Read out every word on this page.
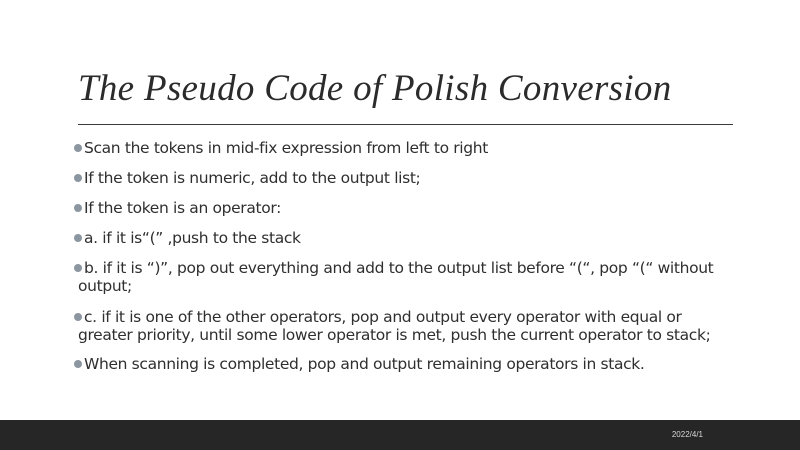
The Pseudo Code of Polish Conversion
Scan the tokens in mid-fix expression from left to right
If the token is numeric, add to the output list;
If the token is an operator:
a. if it is“(” ,push to the stack
b. if it is “)”, pop out everything and add to the output list before “(“, pop “(“ without
output;
c. if it is one of the other operators, pop and output every operator with equal or
greater priority, until some lower operator is met, push the current operator to stack;
When scanning is completed, pop and output remaining operators in stack.
2022/4/1
